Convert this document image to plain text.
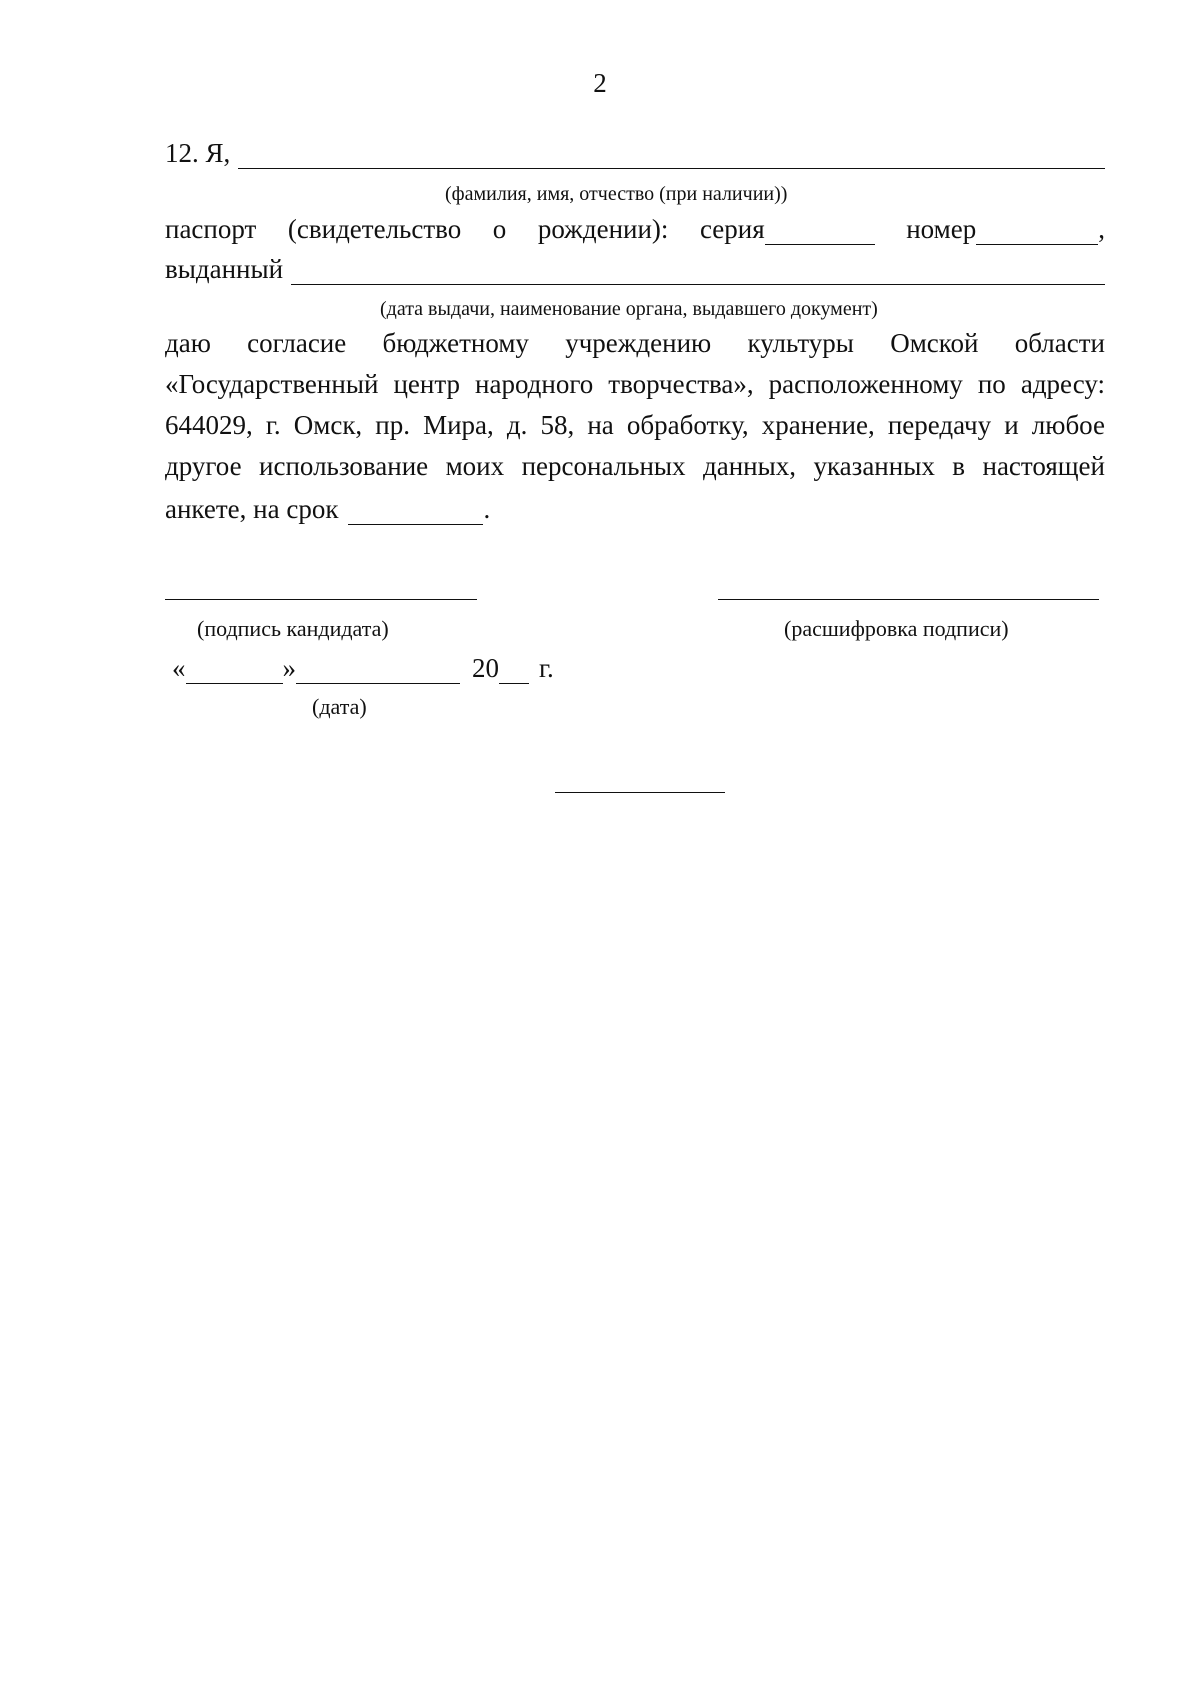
2
12. Я,
(фамилия, имя, отчество (при наличии))
паспорт (свидетельство о рождении): серия	номер	,
выданный
(дата выдачи, наименование органа, выдавшего документ)
даю согласие бюджетному учреждению культуры Омской области
«Государственный центр народного творчества», расположенному по адресу:
644029, г. Омск, пр. Мира, д. 58, на обработку, хранение, передачу и любое
другое использование моих персональных данных, указанных в настоящей
анкете, на срок	.
(подпись кандидата)	(расшифровка подписи)
«	»	20 г.
(дата)
